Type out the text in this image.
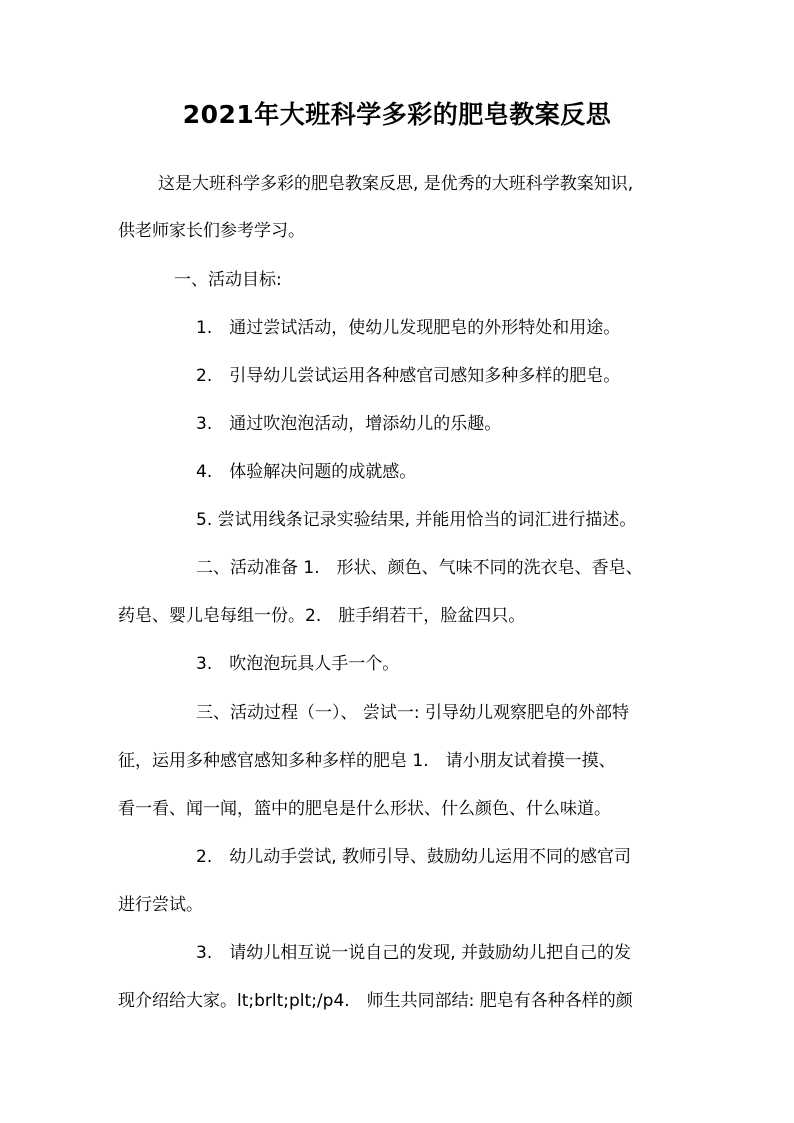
2021年大班科学多彩的肥皂教案反思
这是大班科学多彩的肥皂教案反思, 是优秀的大班科学教案知识,
供老师家长们参考学习。
一、活动目标:
1.　通过尝试活动，使幼儿发现肥皂的外形特处和用途。
2.　引导幼儿尝试运用各种感官司感知多种多样的肥皂。
3.　通过吹泡泡活动，增添幼儿的乐趣。
4.　体验解决问题的成就感。
5. 尝试用线条记录实验结果, 并能用恰当的词汇进行描述。
二、活动准备 1.　形状、颜色、气味不同的洗衣皂、香皂、
药皂、婴儿皂每组一份。2.　脏手绢若干，脸盆四只。
3.　吹泡泡玩具人手一个。
三、活动过程（一）、 尝试一: 引导幼儿观察肥皂的外部特
征，运用多种感官感知多种多样的肥皂 1.　请小朋友试着摸一摸、
看一看、闻一闻，篮中的肥皂是什么形状、什么颜色、什么味道。
2.　幼儿动手尝试, 教师引导、鼓励幼儿运用不同的感官司
进行尝试。
3.　请幼儿相互说一说自己的发现, 并鼓励幼儿把自己的发
现介绍给大家。lt;brlt;plt;/p4.　师生共同部结: 肥皂有各种各样的颜
